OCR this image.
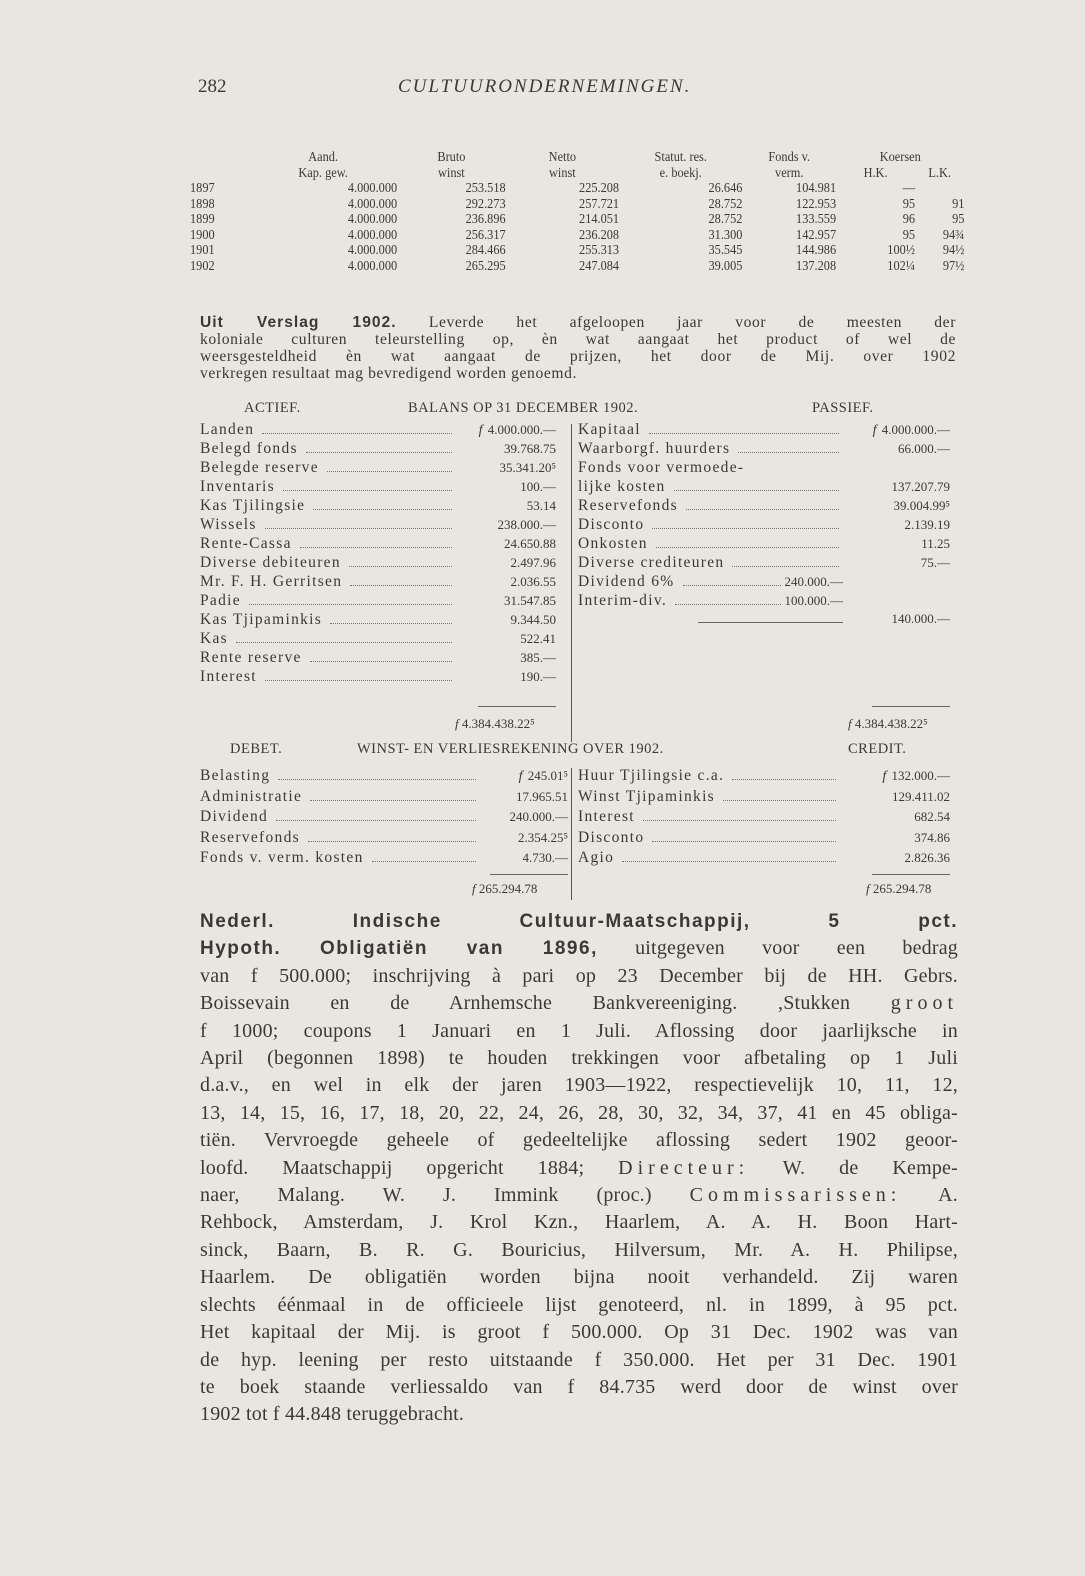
282	CULTUURONDERNEMINGEN.
	Aand.	Bruto	Netto	Statut. res.	Fonds v.	Koersen	
	Kap. gew.	winst	winst	e. boekj.	verm.	H.K.	L.K.
1897	4.000.000	253.518	225.208	26.646	104.981	—	
1898	4.000.000	292.273	257.721	28.752	122.953	95	91
1899	4.000.000	236.896	214.051	28.752	133.559	96	95
1900	4.000.000	256.317	236.208	31.300	142.957	95	94¾
1901	4.000.000	284.466	255.313	35.545	144.986	100½	94½
1902	4.000.000	265.295	247.084	39.005	137.208	102¼	97½
Uit Verslag 1902. Leverde het afgeloopen jaar voor de meesten der
koloniale culturen teleurstelling op, èn wat aangaat het product of wel de
weersgesteldheid èn wat aangaat de prijzen, het door de Mij. over 1902
verkregen resultaat mag bevredigend worden genoemd.
ACTIEF.	BALANS OP 31 DECEMBER 1902.	PASSIEF.
Landen	f 4.000.000.—
Belegd fonds	39.768.75
Belegde reserve	35.341.20⁵
Inventaris	100.—
Kas Tjilingsie	53.14
Wissels	238.000.—
Rente-Cassa	24.650.88
Diverse debiteuren	2.497.96
Mr. F. H. Gerritsen	2.036.55
Padie	31.547.85
Kas Tjipaminkis	9.344.50
Kas	522.41
Rente reserve	385.—
Interest	190.—
Kapitaal	f 4.000.000.—
Waarborgf. huurders	66.000.—
Fonds voor vermoede-
lijke kosten	137.207.79
Reservefonds	39.004.99⁵
Disconto	2.139.19
Onkosten	11.25
Diverse crediteuren	75.—
Dividend 6%	240.000.—
Interim-div.	100.000.—
140.000.—
f 4.384.438.22⁵	f 4.384.438.22⁵
DEBET.	WINST- EN VERLIESREKENING OVER 1902.	CREDIT.
Belasting	f 245.01⁵
Administratie	17.965.51
Dividend	240.000.—
Reservefonds	2.354.25⁵
Fonds v. verm. kosten	4.730.—
Huur Tjilingsie c.a.	f 132.000.—
Winst Tjipaminkis	129.411.02
Interest	682.54
Disconto	374.86
Agio	2.826.36
f 265.294.78	f 265.294.78
Nederl. Indische Cultuur-Maatschappij, 5 pct.
Hypoth. Obligatiën van 1896, uitgegeven voor een bedrag
van f 500.000; inschrijving à pari op 23 December bij de HH. Gebrs.
Boissevain en de Arnhemsche Bankvereeniging. ,Stukken groot
f 1000; coupons 1 Januari en 1 Juli. Aflossing door jaarlijksche in
April (begonnen 1898) te houden trekkingen voor afbetaling op 1 Juli
d.a.v., en wel in elk der jaren 1903—1922, respectievelijk 10, 11, 12,
13, 14, 15, 16, 17, 18, 20, 22, 24, 26, 28, 30, 32, 34, 37, 41 en 45 obliga-
tiën. Vervroegde geheele of gedeeltelijke aflossing sedert 1902 geoor-
loofd. Maatschappij opgericht 1884; Directeur: W. de Kempe-
naer, Malang. W. J. Immink (proc.) Commissarissen: A.
Rehbock, Amsterdam, J. Krol Kzn., Haarlem, A. A. H. Boon Hart-
sinck, Baarn, B. R. G. Bouricius, Hilversum, Mr. A. H. Philipse,
Haarlem. De obligatiën worden bijna nooit verhandeld. Zij waren
slechts éénmaal in de officieele lijst genoteerd, nl. in 1899, à 95 pct.
Het kapitaal der Mij. is groot f 500.000. Op 31 Dec. 1902 was van
de hyp. leening per resto uitstaande f 350.000. Het per 31 Dec. 1901
te boek staande verliessaldo van f 84.735 werd door de winst over
1902 tot f 44.848 teruggebracht.
